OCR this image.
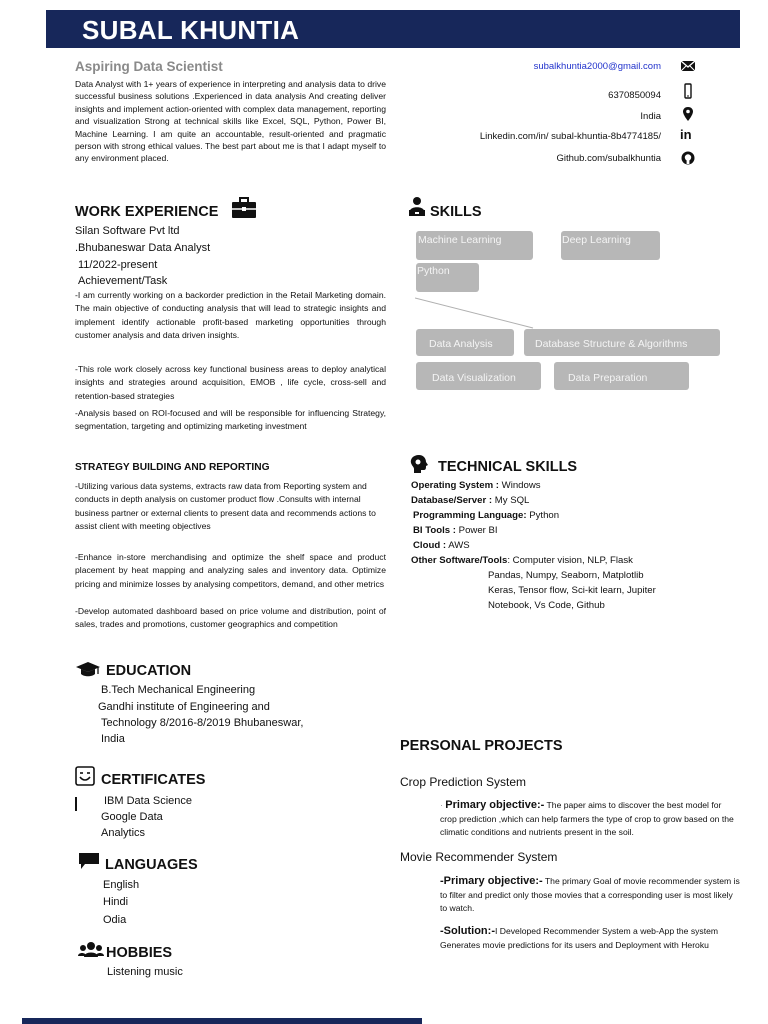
SUBAL KHUNTIA
Aspiring Data Scientist
Data Analyst with 1+ years of experience in interpreting and analysis data to drive successful business solutions .Experienced in data analysis And creating deliver insights and implement action-oriented with complex data management, reporting and visualization Strong at technical skills like Excel, SQL, Python, Power BI, Machine Learning. I am quite an accountable, result-oriented and pragmatic person with strong ethical values. The best part about me is that I adapt myself to any environment placed.
subalkhuntia2000@gmail.com
6370850094
India
Linkedin.com/in/ subal-khuntia-8b4774185/ in
Github.com/subalkhuntia
WORK EXPERIENCE
Silan Software Pvt ltd
.Bhubaneswar Data Analyst
11/2022-present
Achievement/Task
-I am currently working on a backorder prediction in the Retail Marketing domain. The main objective of conducting analysis that will lead to strategic insights and implement identify actionable profit-based marketing opportunities through customer analysis and data driven insights.
-This role work closely across key functional business areas to deploy analytical insights and strategies around acquisition, EMOB , life cycle, cross-sell and retention-based strategies
-Analysis based on ROI-focused and will be responsible for influencing Strategy, segmentation, targeting and optimizing marketing investment
STRATEGY BUILDING AND REPORTING
-Utilizing various data systems, extracts raw data from Reporting system and conducts in depth analysis on customer product flow .Consults with internal business partner or external clients to present data and recommends actions to assist client with meeting objectives
-Enhance in-store merchandising and optimize the shelf space and product placement by heat mapping and analyzing sales and inventory data. Optimize pricing and minimize losses by analysing competitors, demand, and other metrics
-Develop automated dashboard based on price volume and distribution, point of sales, trades and promotions, customer geographics and competition
EDUCATION
B.Tech Mechanical Engineering
Gandhi institute of Engineering and
Technology 8/2016-8/2019 Bhubaneswar,
India
CERTIFICATES
IBM Data Science
Google Data
Analytics
LANGUAGES
English
Hindi
Odia
HOBBIES
Listening music
SKILLS
Machine Learning	Deep Learning
Python
Data Analysis	Database Structure & Algorithms
Data Visualization	Data Preparation
TECHNICAL SKILLS
Operating System : Windows
Database/Server : My SQL
Programming Language: Python
BI Tools : Power BI
Cloud : AWS
Other Software/Tools: Computer vision, NLP, Flask
Pandas, Numpy, Seaborn, Matplotlib Keras, Tensor flow, Sci-kit learn, Jupiter Notebook, Vs Code, Github
PERSONAL PROJECTS
Crop Prediction System
· Primary objective:- The paper aims to discover the best model for crop prediction ,which can help farmers the type of crop to grow based on the climatic conditions and nutrients present in the soil.
Movie Recommender System
-Primary objective:- The primary Goal of movie recommender system is to filter and predict only those movies that a corresponding user is most likely to watch.
-Solution:-I Developed Recommender System a web-App the system Generates movie predictions for its users and Deployment with Heroku
